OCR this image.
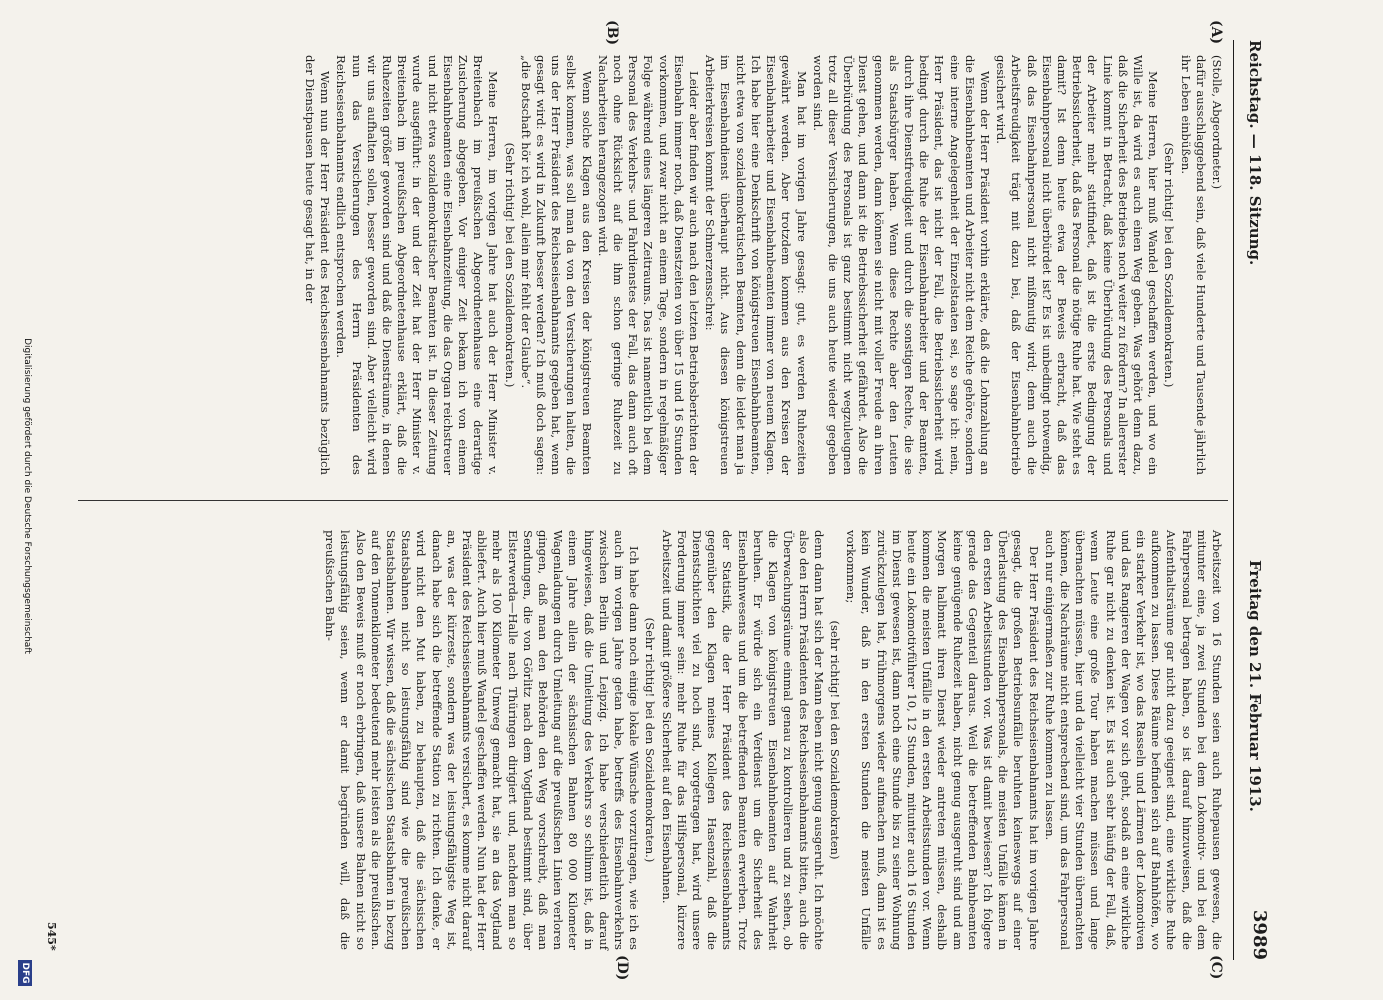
Reichstag. — 118. Sitzung.
Freitag den 21. Februar 1913.
3989
(A)
(B)
(C)
(D)

(Stolle, Abgeordneter.)

dafür ausschlaggebend sein, daß viele Hunderte und Tausende jährlich ihr Leben einbüßen.

(Sehr richtig! bei den Sozialdemokraten.)

Meine Herren, hier muß Wandel geschaffen werden, und wo ein Wille ist, da wird es auch einen Weg geben. Was gehört denn dazu, daß die Sicherheit des Betriebes noch weiter zu fördern? In allererster Linie kommt in Betracht, daß keine Überbürdung des Personals und der Arbeiter mehr stattfindet, daß ist die erste Bedingung der Betriebssicherheit, daß das Personal die nötige Ruhe hat. Wie steht es damit? Ist denn heute etwa der Beweis erbracht, daß das Eisenbahnpersonal nicht überbürdet ist? Es ist unbedingt notwendig, daß das Eisenbahnpersonal nicht mißmutig wird; denn auch die Arbeitsfreudigkeit trägt mit dazu bei, daß der Eisenbahnbetrieb gesichert wird.

Wenn der Herr Präsident vorhin erklärte, daß die Lohnzahlung an die Eisenbahnbeamten und Arbeiter nicht dem Reiche gehöre, sondern eine interne Angelegenheit der Einzelstaaten sei, so sage ich: nein, Herr Präsident, das ist nicht der Fall, die Betriebssicherheit wird bedingt durch die Ruhe der Eisenbahnarbeiter und der Beamten, durch ihre Dienstfreudigkeit und durch die sonstigen Rechte, die sie als Staatsbürger haben. Wenn diese Rechte aber den Leuten genommen werden, dann können sie nicht mit voller Freude an ihren Dienst gehen, und dann ist die Betriebssicherheit gefährdet. Also die Überbürdung des Personals ist ganz bestimmt nicht wegzuleugnen trotz all dieser Versicherungen, die uns auch heute wieder gegeben worden sind.

Man hat im vorigen Jahre gesagt: gut, es werden Ruhezeiten gewährt werden. Aber trotzdem kommen aus den Kreisen der Eisenbahnarbeiter und Eisenbahnbeamten immer von neuem Klagen. Ich habe hier eine Denkschrift von königstreuen Eisenbahnbeamten, nicht etwa von sozialdemokratischen Beamten, denn die leidet man ja im Eisenbahndienst überhaupt nicht. Aus diesen königstreuen Arbeiterkreisen kommt der Schmerzensschrei:

Leider aber finden wir auch nach den letzten Betriebsberichten der Eisenbahn immer noch, daß Dienstzeiten von über 15 und 16 Stunden vorkommen, und zwar nicht an einem Tage, sondern in regelmäßiger Folge während eines längeren Zeitraums. Das ist namentlich bei dem Personal des Verkehrs- und Fahrdienstes der Fall, das dann auch oft noch ohne Rücksicht auf die ihm schon geringe Ruhezeit zu Nacharbeiten herangezogen wird.

Wenn solche Klagen aus den Kreisen der königstreuen Beamten selbst kommen, was soll man da von den Versicherungen halten, die uns der Herr Präsident des Reichseisenbahnamts gegeben hat, wenn gesagt wird: es wird in Zukunft besser werden? Ich muß doch sagen: „die Botschaft hör ich wohl, allein mir fehlt der Glaube“.

(Sehr richtig! bei den Sozialdemokraten.)

Meine Herren, im vorigen Jahre hat auch der Herr Minister v. Breitenbach im preußischen Abgeordnetenhause eine derartige Zusicherung abgegeben. Vor einiger Zeit bekam ich von einem Eisenbahnbeamten eine Eisenbahnzeitung, die das Organ reichstreuer und nicht etwa sozialdemokratischer Beamten ist. In dieser Zeitung wurde ausgeführt: in der und der Zeit hat der Herr Minister v. Breitenbach im preußischen Abgeordnetenhause erklärt, daß die Ruhezeiten größer geworden sind und daß die Diensträume, in denen wir uns aufhalten sollen, besser geworden sind. Aber vielleicht wird nun das Versicherungen des Herrn Präsidenten des Reichseisenbahnamts endlich entsprochen werden.

Wenn nun der Herr Präsident des Reichseisenbahnamts bezüglich der Dienstpausen heute gesagt hat, in der

Arbeitszeit von 16 Stunden seien auch Ruhepausen gewesen, die mitunter eine, ja zwei Stunden bei dem Lokomotiv- und bei dem Fahrpersonal betragen haben, so ist darauf hinzuweisen, daß die Aufenthaltsräume gar nicht dazu geeignet sind, eine wirkliche Ruhe aufkommen zu lassen. Diese Räume befinden sich auf Bahnhöfen, wo ein starker Verkehr ist, wo das Rasseln und Lärmen der Lokomotiven und das Rangieren der Wagen vor sich geht, sodaß an eine wirkliche Ruhe gar nicht zu denken ist. Es ist auch sehr häufig der Fall, daß, wenn Leute eine große Tour haben machen müssen und lange übernachten müssen, hier und da vielleicht vier Stunden übernachten können, die Nachräume nicht entsprechend sind, um das Fahrpersonal auch nur einigermaßen zur Ruhe kommen zu lassen.

Der Herr Präsident des Reichseisenbahnamts hat im vorigen Jahre gesagt, die großen Betriebsunfälle beruhten keineswegs auf einer Überlastung des Eisenbahnpersonals, die meisten Unfälle kämen in den ersten Arbeitsstunden vor. Was ist damit bewiesen? Ich folgere gerade das Gegenteil daraus. Weil die betreffenden Bahnbeamten keine genügende Ruhezeit haben, nicht genug ausgeruht sind und am Morgen halbmatt ihren Dienst wieder antreten müssen, deshalb kommen die meisten Unfälle in den ersten Arbeitsstunden vor. Wenn heute ein Lokomotivführer 10, 12 Stunden, mitunter auch 16 Stunden im Dienst gewesen ist, dann noch eine Stunde bis zu seiner Wohnung zurückzulegen hat, frühmorgens wieder aufmachen muß, dann ist es kein Wunder, daß in den ersten Stunden die meisten Unfälle vorkommen;

(sehr richtig! bei den Sozialdemokraten)

denn dann hat sich der Mann eben nicht genug ausgeruht. Ich möchte also den Herrn Präsidenten des Reichseisenbahnamts bitten, auch die Überwachungsräume einmal genau zu kontrollieren und zu sehen, ob die Klagen von königstreuen Eisenbahnbeamten auf Wahrheit beruhen. Er würde sich ein Verdienst um die Sicherheit des Eisenbahnwesens und um die betreffenden Beamten erwerben. Trotz der Statistik, die der Herr Präsident des Reichseisenbahnamts gegenüber den Klagen meines Kollegen Hasenzahl, daß die Dienstschichten viel zu hoch sind, vorgetragen hat, wird unsere Forderung immer sein: mehr Ruhe für das Hilfspersonal, kürzere Arbeitszeit und damit größere Sicherheit auf den Eisenbahnen.

(Sehr richtig! bei den Sozialdemokraten.)

Ich habe dann noch einige lokale Wünsche vorzutragen, wie ich es auch im vorigen Jahre getan habe, betreffs des Eisenbahnverkehrs zwischen Berlin und Leipzig. Ich habe verschiedentlich darauf hingewiesen, daß die Umleitung des Verkehrs so schlimm ist, daß in einem Jahre allein der sächsischen Bahnen 80 000 Kilometer Wagenladungen durch Umleitung auf die preußischen Linien verloren gingen, daß man den Behörden den Weg vorschreibt, daß man Sendungen, die von Görlitz nach dem Vogtland bestimmt sind, über Elsterwerda—Halle nach Thüringen dirigiert und, nachdem man so mehr als 100 Kilometer Umweg gemacht hat, sie an das Vogtland abliefert. Auch hier muß Wandel geschaffen werden. Nun hat der Herr Präsident des Reichseisenbahnamts versichert, es komme nicht darauf an, was der kürzeste, sondern was der leistungsfähigste Weg ist, danach habe sich die betreffende Station zu richten. Ich denke, er wird nicht den Mut haben, zu behaupten, daß die sächsischen Staatsbahnen nicht so leistungsfähig sind wie die preußischen Staatsbahnen. Wir wissen, daß die sächsischen Staatsbahnen in bezug auf den Tonnenkilometer bedeutend mehr leisten als die preußischen. Also den Beweis muß er noch erbringen, daß unsere Bahnen nicht so leistungsfähig seien, wenn er damit begründen will, daß die preußischen Bahn-

545*
Digitalisierung gefördert durch die Deutsche Forschungsgemeinschaft
DFG
